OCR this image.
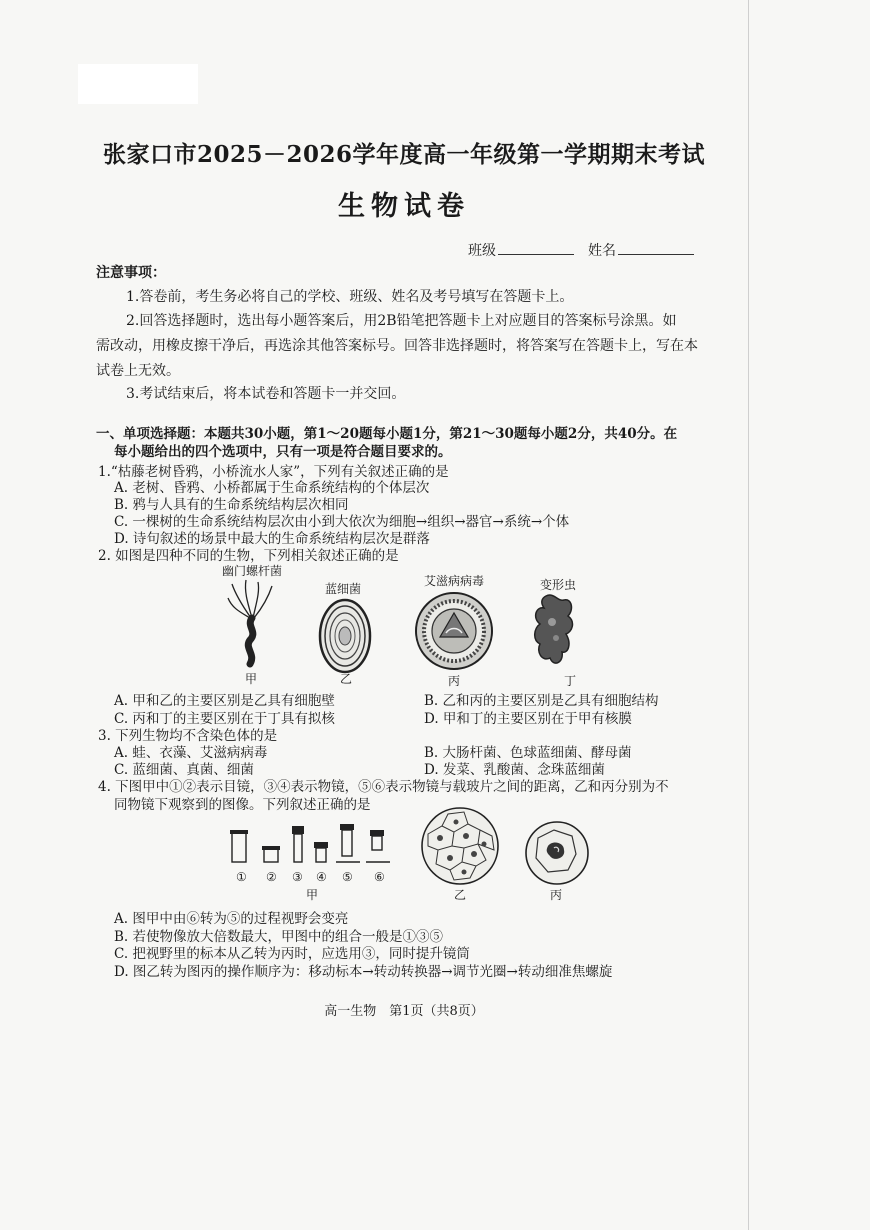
张家口市2025－2026学年度高一年级第一学期期末考试
生物试卷
班级	姓名
注意事项：
1.答卷前，考生务必将自己的学校、班级、姓名及考号填写在答题卡上。
2.回答选择题时，选出每小题答案后，用2B铅笔把答题卡上对应题目的答案标号涂黑。如
需改动，用橡皮擦干净后，再选涂其他答案标号。回答非选择题时，将答案写在答题卡上，写在本
试卷上无效。
3.考试结束后，将本试卷和答题卡一并交回。
一、单项选择题：本题共30小题，第1～20题每小题1分，第21～30题每小题2分，共40分。在
每小题给出的四个选项中，只有一项是符合题目要求的。
1.“枯藤老树昏鸦，小桥流水人家”，下列有关叙述正确的是
A. 老树、昏鸦、小桥都属于生命系统结构的个体层次
B. 鸦与人具有的生命系统结构层次相同
C. 一棵树的生命系统结构层次由小到大依次为细胞→组织→器官→系统→个体
D. 诗句叙述的场景中最大的生命系统结构层次是群落
2. 如图是四种不同的生物，下列相关叙述正确的是
幽门螺杆菌
蓝细菌
艾滋病病毒	变形虫
甲	乙	丙	丁
A. 甲和乙的主要区别是乙具有细胞壁	B. 乙和丙的主要区别是乙具有细胞结构
C. 丙和丁的主要区别在于丁具有拟核	D. 甲和丁的主要区别在于甲有核膜
3. 下列生物均不含染色体的是
A. 蛙、衣藻、艾滋病病毒	B. 大肠杆菌、色球蓝细菌、酵母菌
C. 蓝细菌、真菌、细菌	D. 发菜、乳酸菌、念珠蓝细菌
4. 下图甲中①②表示目镜，③④表示物镜，⑤⑥表示物镜与载玻片之间的距离，乙和丙分别为不
同物镜下观察到的图像。下列叙述正确的是
① ② ③ ④ ⑤ ⑥
甲	乙	丙
A. 图甲中由⑥转为⑤的过程视野会变亮
B. 若使物像放大倍数最大，甲图中的组合一般是①③⑤
C. 把视野里的标本从乙转为丙时，应选用③，同时提升镜筒
D. 图乙转为图丙的操作顺序为：移动标本→转动转换器→调节光圈→转动细准焦螺旋
高一生物　第1页（共8页）
